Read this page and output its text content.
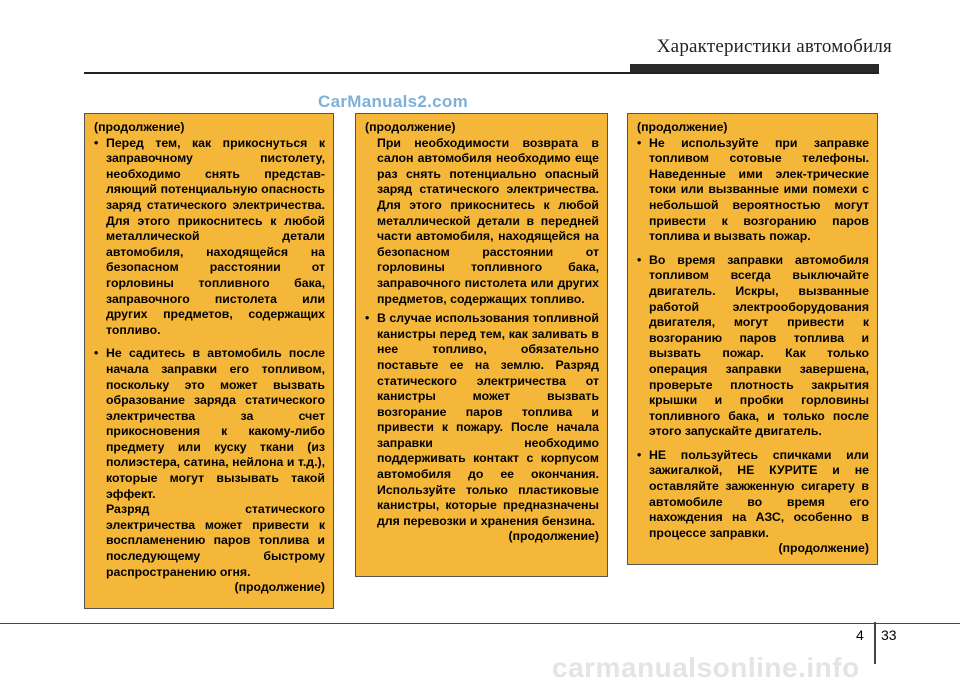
Характеристики автомобиля
CarManuals2.com

(продолжение)

• Перед тем, как прикоснуться к заправочному пистолету, необходимо снять представ-ляющий потенциальную опасность заряд статического электричества. Для этого прикоснитесь к любой металлической детали автомобиля, находящейся на безопасном расстоянии от горловины топливного бака, заправочного пистолета или других предметов, содержащих топливо.
• Не садитесь в автомобиль после начала заправки его топливом, поскольку это может вызвать образование заряда статического электричества за счет прикосновения к какому-либо предмету или куску ткани (из полиэстера, сатина, нейлона и т.д.), которые могут вызывать такой эффект.

Разряд статического электричества может привести к воспламенению паров топлива и последующему быстрому распространению огня.

(продолжение)

(продолжение)

При необходимости возврата в салон автомобиля необходимо еще раз снять потенциально опасный заряд статического электричества. Для этого прикоснитесь к любой металлической детали в передней части автомобиля, находящейся на безопасном расстоянии от горловины топливного бака, заправочного пистолета или других предметов, содержащих топливо.

• В случае использования топливной канистры перед тем, как заливать в нее топливо, обязательно поставьте ее на землю. Разряд статического электричества от канистры может вызвать возгорание паров топлива и привести к пожару. После начала заправки необходимо поддерживать контакт с корпусом автомобиля до ее окончания. Используйте только пластиковые канистры, которые предназначены для перевозки и хранения бензина.

(продолжение)

(продолжение)

• Не используйте при заправке топливом сотовые телефоны. Наведенные ими элек-трические токи или вызванные ими помехи с небольшой вероятностью могут привести к возгоранию паров топлива и вызвать пожар.
• Во время заправки автомобиля топливом всегда выключайте двигатель. Искры, вызванные работой электрооборудования двигателя, могут привести к возгоранию паров топлива и вызвать пожар. Как только операция заправки завершена, проверьте плотность закрытия крышки и пробки горловины топливного бака, и только после этого запускайте двигатель.
• НЕ пользуйтесь спичками или зажигалкой, НЕ КУРИТЕ и не оставляйте зажженную сигарету в автомобиле во время его нахождения на АЗС, особенно в процессе заправки.

(продолжение)

4 33
carmanualsonline.info
